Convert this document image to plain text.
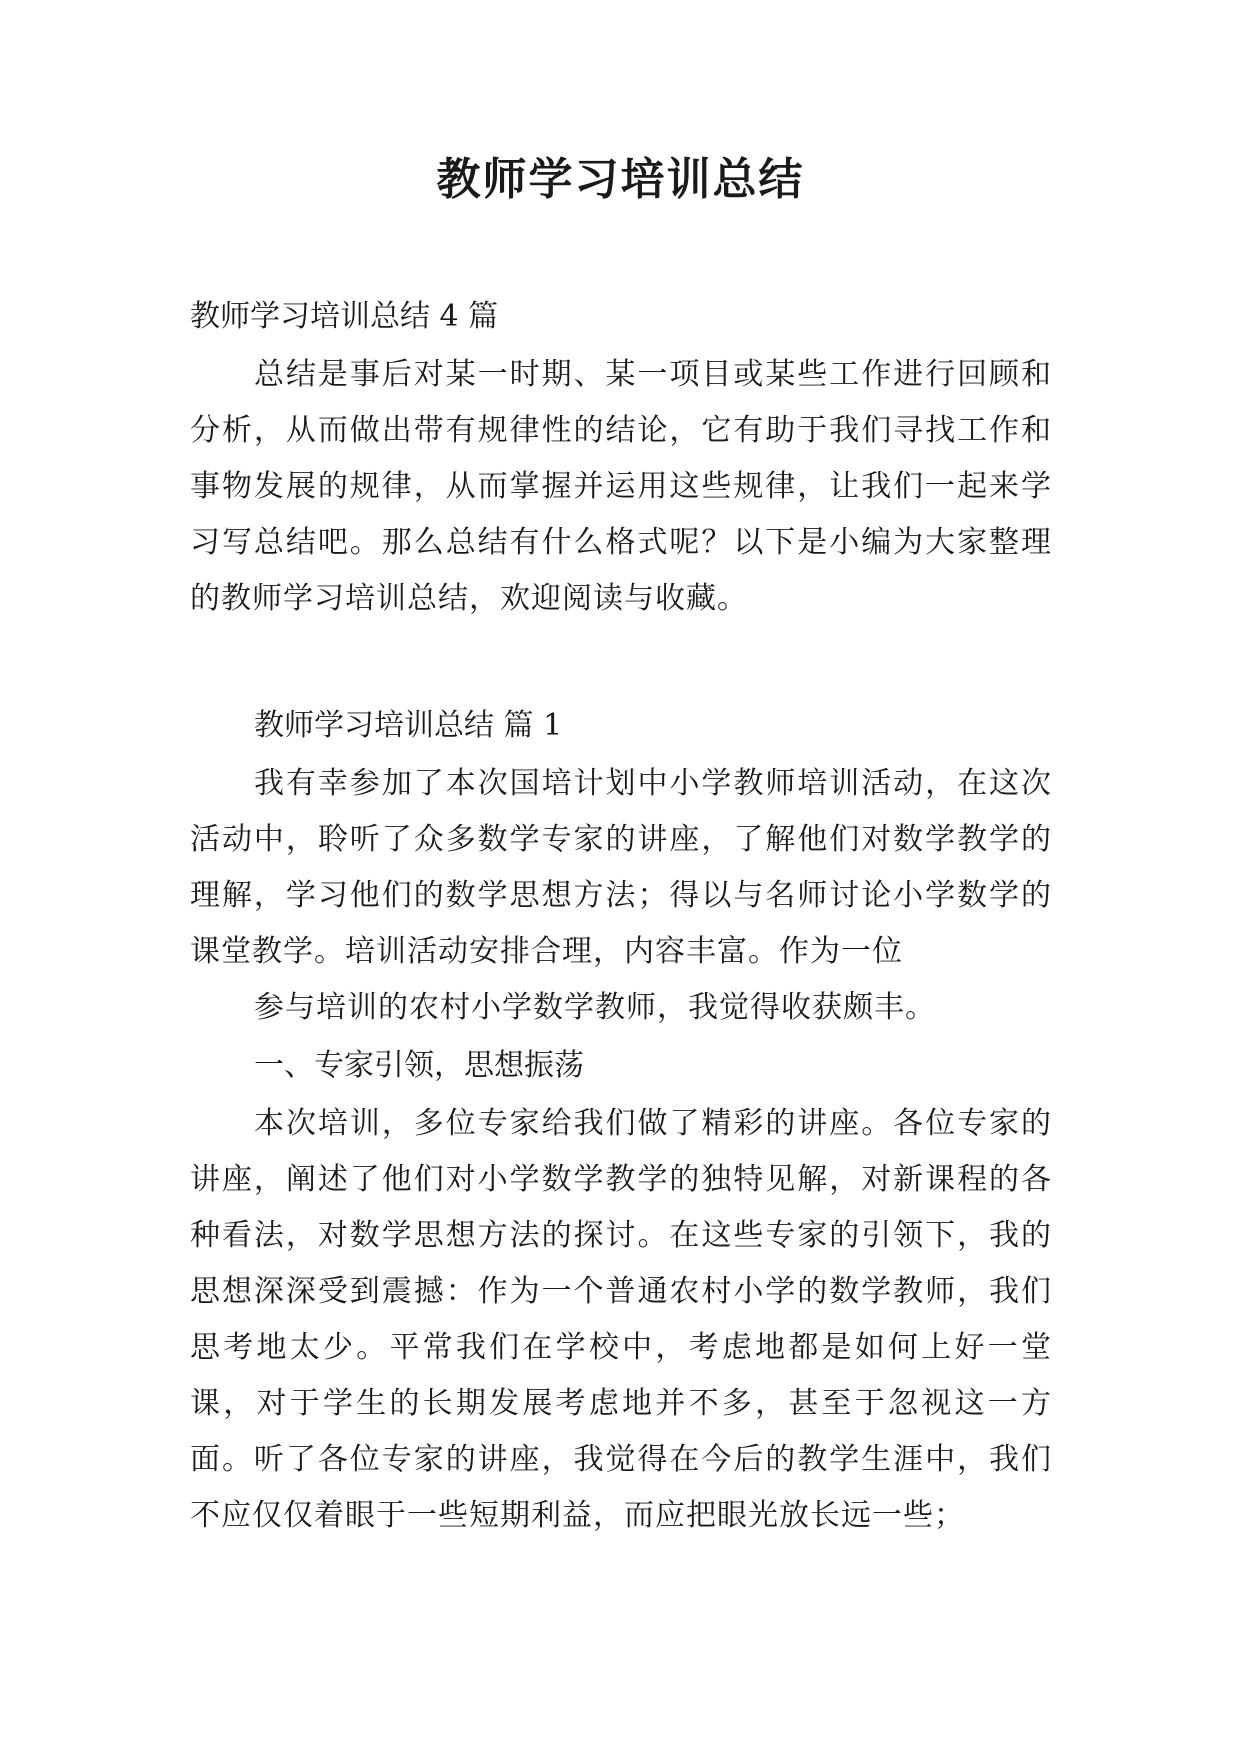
教师学习培训总结
教师学习培训总结 4 篇
总结是事后对某一时期、某一项目或某些工作进行回顾和分析，从而做出带有规律性的结论，它有助于我们寻找工作和事物发展的规律，从而掌握并运用这些规律，让我们一起来学习写总结吧。那么总结有什么格式呢？以下是小编为大家整理的教师学习培训总结，欢迎阅读与收藏。
教师学习培训总结 篇 1
我有幸参加了本次国培计划中小学教师培训活动，在这次活动中，聆听了众多数学专家的讲座，了解他们对数学教学的理解，学习他们的数学思想方法；得以与名师讨论小学数学的课堂教学。培训活动安排合理，内容丰富。作为一位
参与培训的农村小学数学教师，我觉得收获颇丰。
一、专家引领，思想振荡
本次培训，多位专家给我们做了精彩的讲座。各位专家的讲座，阐述了他们对小学数学教学的独特见解，对新课程的各种看法，对数学思想方法的探讨。在这些专家的引领下，我的思想深深受到震撼：作为一个普通农村小学的数学教师，我们思考地太少。平常我们在学校中，考虑地都是如何上好一堂课，对于学生的长期发展考虑地并不多，甚至于忽视这一方面。听了各位专家的讲座，我觉得在今后的教学生涯中，我们不应仅仅着眼于一些短期利益，而应把眼光放长远一些；
